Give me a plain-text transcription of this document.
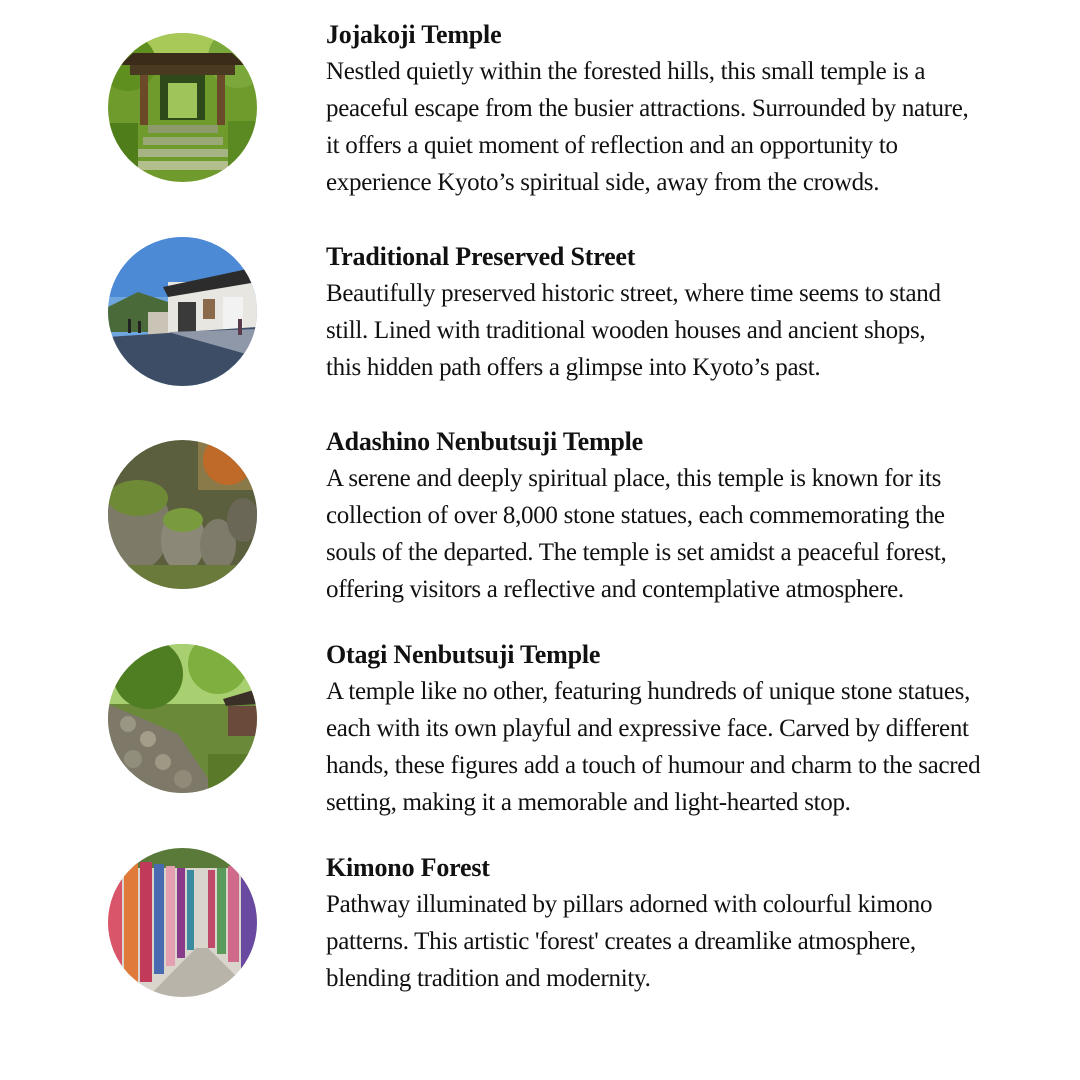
Jojakoji Temple

Nestled quietly within the forested hills, this small temple is a
peaceful escape from the busier attractions. Surrounded by nature,
it offers a quiet moment of reflection and an opportunity to
experience Kyoto’s spiritual side, away from the crowds.

Traditional Preserved Street

Beautifully preserved historic street, where time seems to stand
still. Lined with traditional wooden houses and ancient shops,
this hidden path offers a glimpse into Kyoto’s past.

Adashino Nenbutsuji Temple

A serene and deeply spiritual place, this temple is known for its
collection of over 8,000 stone statues, each commemorating the
souls of the departed. The temple is set amidst a peaceful forest,
offering visitors a reflective and contemplative atmosphere.

Otagi Nenbutsuji Temple

A temple like no other, featuring hundreds of unique stone statues,
each with its own playful and expressive face. Carved by different
hands, these figures add a touch of humour and charm to the sacred
setting, making it a memorable and light-hearted stop.

Kimono Forest

Pathway illuminated by pillars adorned with colourful kimono
patterns. This artistic 'forest' creates a dreamlike atmosphere,
blending tradition and modernity.
